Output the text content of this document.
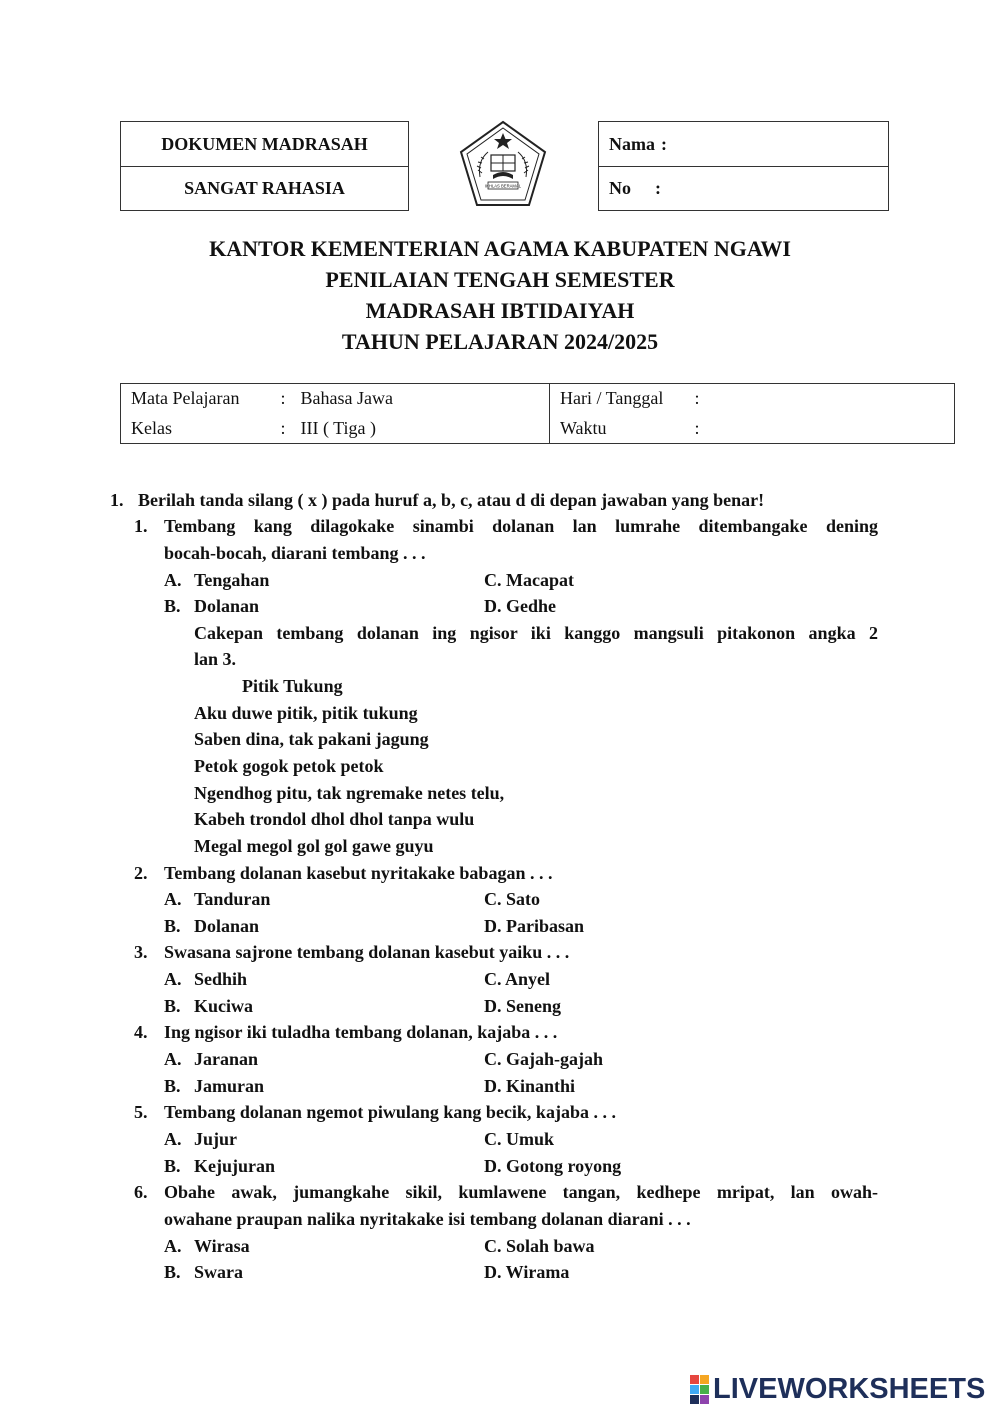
DOKUMEN MADRASAH
SANGAT RAHASIA	IKHLAS BERAMAL
Nama :
No :
KANTOR KEMENTERIAN AGAMA KABUPATEN NGAWI
PENILAIAN TENGAH SEMESTER
MADRASAH IBTIDAIYAH
TAHUN PELAJARAN 2024/2025
Mata Pelajaran	:	Bahasa Jawa	Hari / Tanggal	:
Kelas	:	III ( Tiga )	Waktu	:
1. Berilah tanda silang ( x ) pada huruf a, b, c, atau d di depan jawaban yang benar!
1. Tembang kang dilagokake sinambi dolanan lan lumrahe ditembangake dening
bocah-bocah, diarani tembang . . .
A. Tengahan	C. Macapat
B. Dolanan	D. Gedhe
Cakepan tembang dolanan ing ngisor iki kanggo mangsuli pitakonon angka 2
lan 3.
Pitik Tukung
Aku duwe pitik, pitik tukung
Saben dina, tak pakani jagung
Petok gogok petok petok
Ngendhog pitu, tak ngremake netes telu,
Kabeh trondol dhol dhol tanpa wulu
Megal megol gol gol gawe guyu
2. Tembang dolanan kasebut nyritakake babagan . . .
A. Tanduran	C. Sato
B. Dolanan	D. Paribasan
3. Swasana sajrone tembang dolanan kasebut yaiku . . .
A. Sedhih	C. Anyel
B. Kuciwa	D. Seneng
4. Ing ngisor iki tuladha tembang dolanan, kajaba . . .
A. Jaranan	C. Gajah-gajah
B. Jamuran	D. Kinanthi
5. Tembang dolanan ngemot piwulang kang becik, kajaba . . .
A. Jujur	C. Umuk
B. Kejujuran	D. Gotong royong
6. Obahe awak, jumangkahe sikil, kumlawene tangan, kedhepe mripat, lan owah-
owahane praupan nalika nyritakake isi tembang dolanan diarani . . .
A. Wirasa	C. Solah bawa
B. Swara	D. Wirama
LIVEWORKSHEETS
